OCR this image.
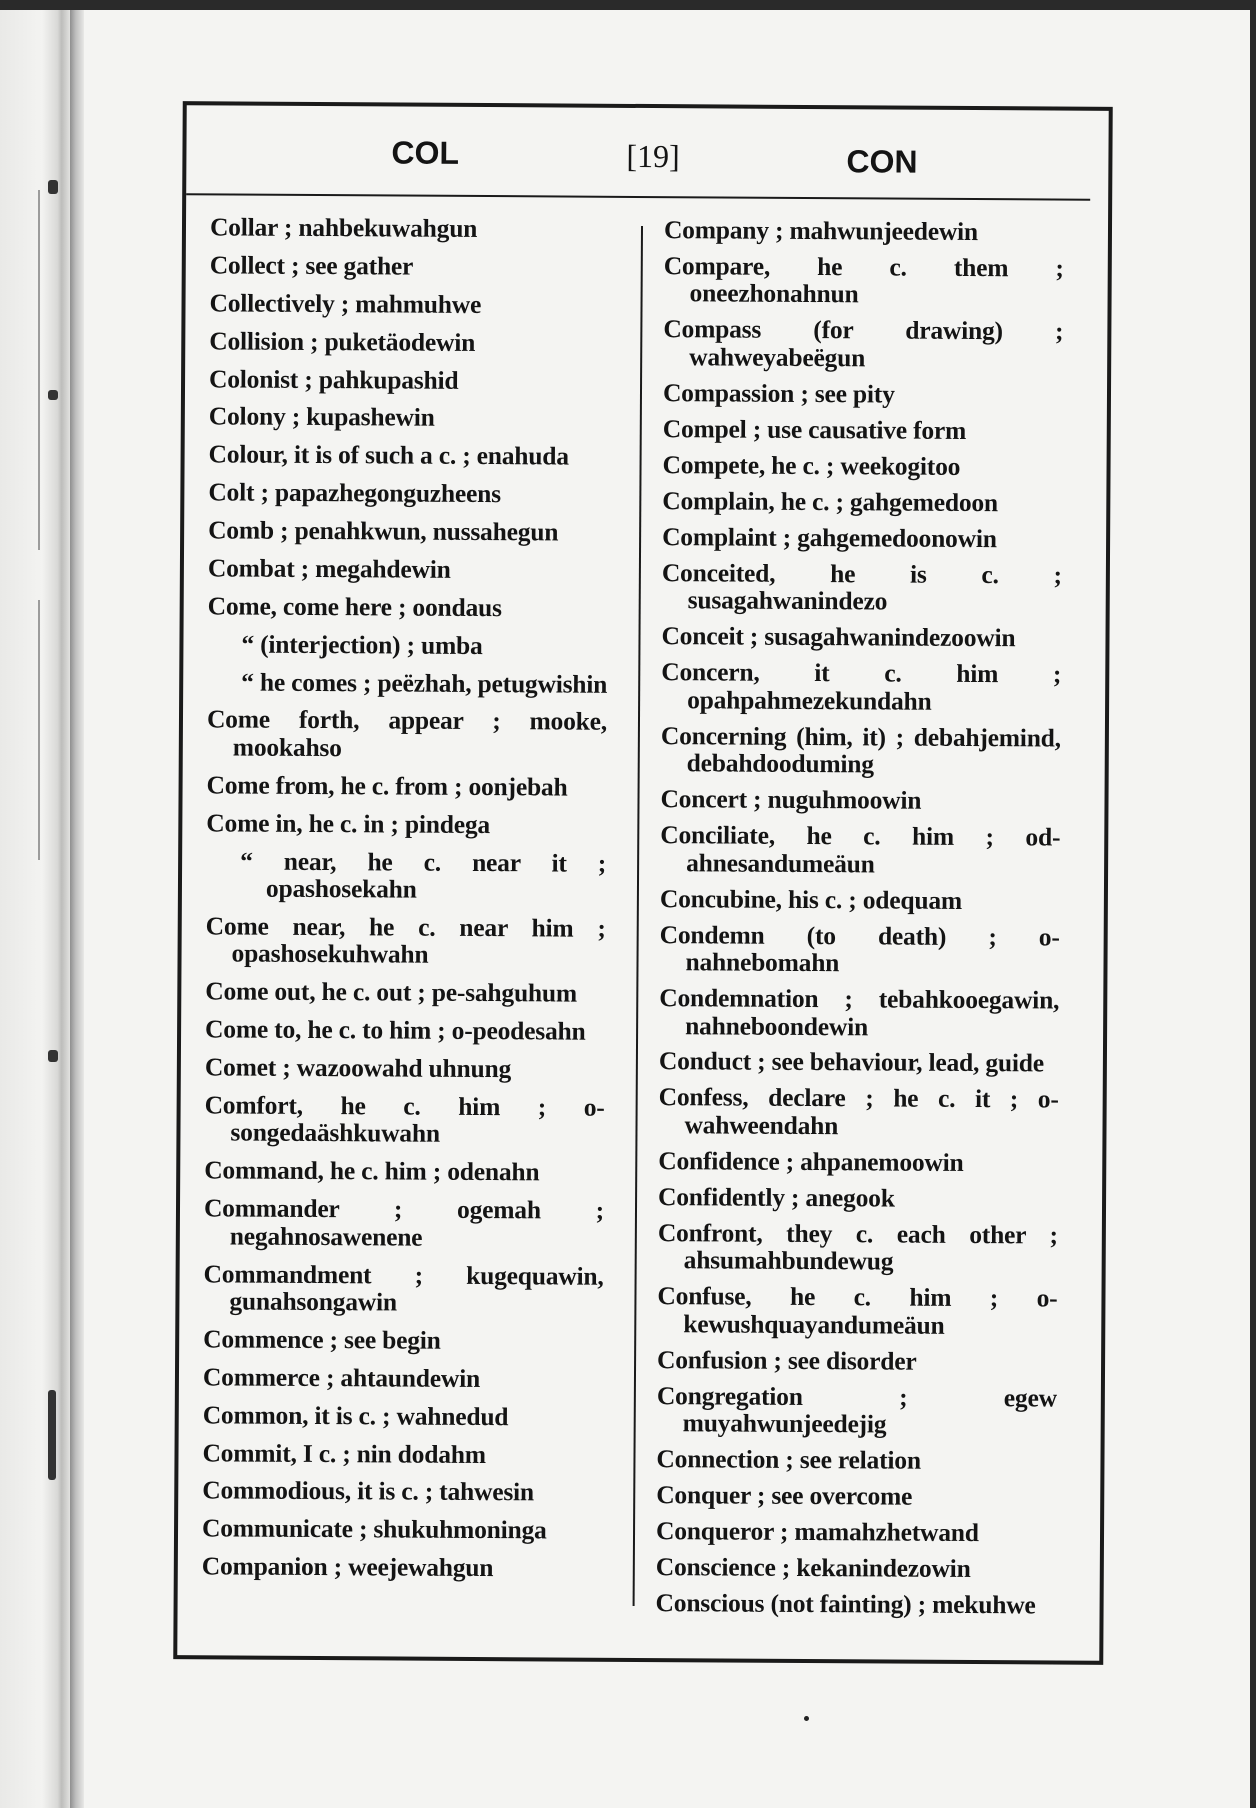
COL	[19]	CON
Collar ; nahbekuwahgun
Collect ; see gather
Collectively ; mahmuhwe
Collision ; puketäodewin
Colonist ; pahkupashid
Colony ; kupashewin
Colour, it is of such a c. ; enahuda
Colt ; papazhegonguzheens
Comb ; penahkwun, nussahegun
Combat ; megahdewin
Come, come here ; oondaus
“ (interjection) ; umba
“ he comes ; peëzhah, petugwishin
Come forth, appear ; mooke, mookahso
Come from, he c. from ; oonjebah
Come in, he c. in ; pindega
“ near, he c. near it ; opashosekahn
Come near, he c. near him ; opashosekuhwahn
Come out, he c. out ; pe-sahguhum
Come to, he c. to him ; o-peodesahn
Comet ; wazoowahd uhnung
Comfort, he c. him ; o-songedaäshkuwahn
Command, he c. him ; odenahn
Commander ; ogemah ; negahnosawenene
Commandment ; kugequawin, gunahsongawin
Commence ; see begin
Commerce ; ahtaundewin
Common, it is c. ; wahnedud
Commit, I c. ; nin dodahm
Commodious, it is c. ; tahwesin
Communicate ; shukuhmoninga
Companion ; weejewahgun
Company ; mahwunjeedewin
Compare, he c. them ; oneezhonahnun
Compass (for drawing) ; wahweyabeëgun
Compassion ; see pity
Compel ; use causative form
Compete, he c. ; weekogitoo
Complain, he c. ; gahgemedoon
Complaint ; gahgemedoonowin
Conceited, he is c. ; susagahwanindezo
Conceit ; susagahwanindezoowin
Concern, it c. him ; opahpahmezekundahn
Concerning (him, it) ; debahjemind, debahdooduming
Concert ; nuguhmoowin
Conciliate, he c. him ; od-ahnesandumeäun
Concubine, his c. ; odequam
Condemn (to death) ; o-nahnebomahn
Condemnation ; tebahkooegawin, nahneboondewin
Conduct ; see behaviour, lead, guide
Confess, declare ; he c. it ; o-wahweendahn
Confidence ; ahpanemoowin
Confidently ; anegook
Confront, they c. each other ; ahsumahbundewug
Confuse, he c. him ; o-kewushquayandumeäun
Confusion ; see disorder
Congregation ; egew muyahwunjeedejig
Connection ; see relation
Conquer ; see overcome
Conqueror ; mamahzhetwand
Conscience ; kekanindezowin
Conscious (not fainting) ; mekuhwe
